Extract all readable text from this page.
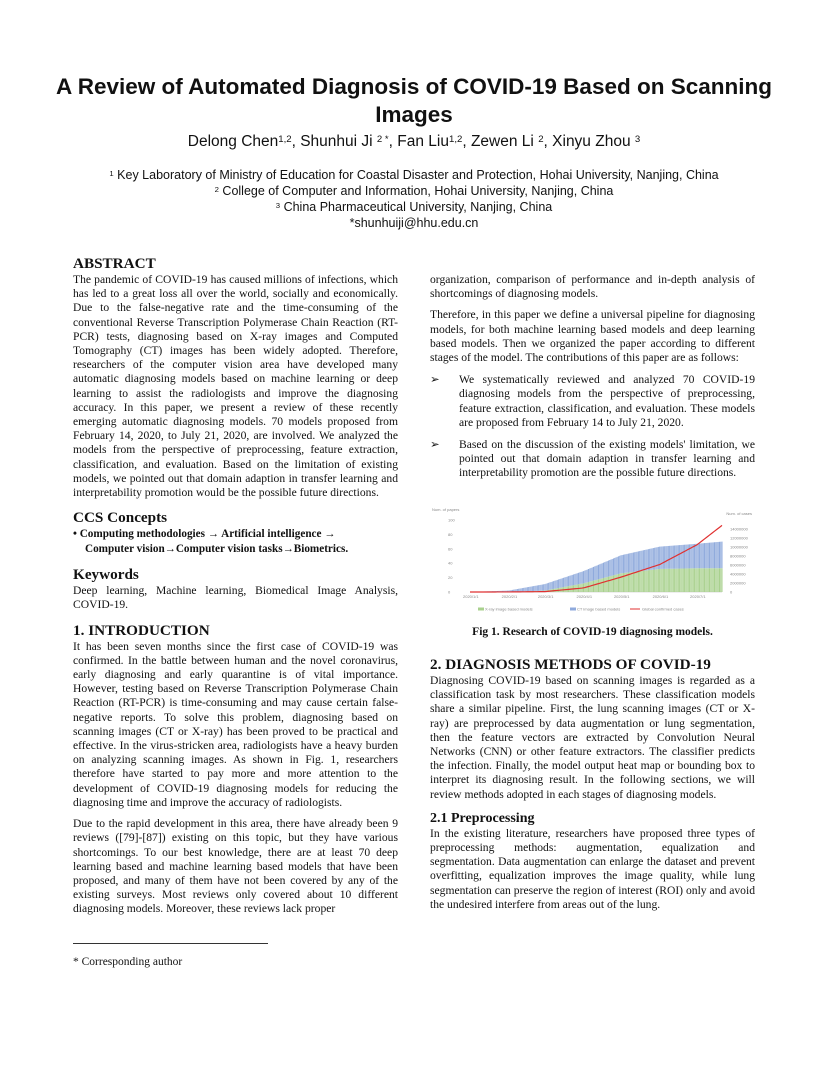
A Review of Automated Diagnosis of COVID-19 Based on Scanning Images
Delong Chen$^{1,2}$, Shunhui Ji $^{2 *}$, Fan Liu$^{1,2}$, Zewen Li $^2$, Xinyu Zhou $^3$
$^1$ Key Laboratory of Ministry of Education for Coastal Disaster and Protection, Hohai University, Nanjing, China
$^2$ College of Computer and Information, Hohai University, Nanjing, China
$^3$ China Pharmaceutical University, Nanjing, China
*shunhuiji@hhu.edu.cn
ABSTRACT

The pandemic of COVID-19 has caused millions of infections, which has led to a great loss all over the world, socially and economically. Due to the false-negative rate and the time-consuming of the conventional Reverse Transcription Polymerase Chain Reaction (RT-PCR) tests, diagnosing based on X-ray images and Computed Tomography (CT) images has been widely adopted. Therefore, researchers of the computer vision area have developed many automatic diagnosing models based on machine learning or deep learning to assist the radiologists and improve the diagnosing accuracy. In this paper, we present a review of these recently emerging automatic diagnosing models. 70 models proposed from February 14, 2020, to July 21, 2020, are involved. We analyzed the models from the perspective of preprocessing, feature extraction, classification, and evaluation. Based on the limitation of existing models, we pointed out that domain adaption in transfer learning and interpretability promotion would be the possible future directions.

CCS Concepts
• Computing methodologies → Artificial intelligence →
Computer vision→Computer vision tasks→Biometrics.
Keywords

Deep learning, Machine learning, Biomedical Image Analysis, COVID-19.

1. INTRODUCTION

It has been seven months since the first case of COVID-19 was confirmed. In the battle between human and the novel coronavirus, early diagnosing and early quarantine is of vital importance. However, testing based on Reverse Transcription Polymerase Chain Reaction (RT-PCR) is time-consuming and may cause certain false-negative reports. To solve this problem, diagnosing based on scanning images (CT or X-ray) has been proved to be practical and effective. In the virus-stricken area, radiologists have a heavy burden on analyzing scanning images. As shown in Fig. 1, researchers therefore have started to pay more and more attention to the development of COVID-19 diagnosing models for reducing the diagnosing time and improve the accuracy of radiologists.

Due to the rapid development in this area, there have already been 9 reviews ([79]-[87]) existing on this topic, but they have various shortcomings. To our best knowledge, there are at least 70 deep learning based and machine learning based models that have been proposed, and many of them have not been covered by any of the existing surveys. Most reviews only covered about 10 different diagnosing models. Moreover, these reviews lack proper

* Corresponding author

organization, comparison of performance and in-depth analysis of shortcomings of diagnosing models.

Therefore, in this paper we define a universal pipeline for diagnosing models, for both machine learning based models and deep learning based models. Then we organized the paper according to different stages of the model. The contributions of this paper are as follows:

➢ We systematically reviewed and analyzed 70 COVID-19 diagnosing models from the perspective of preprocessing, feature extraction, classification, and evaluation. These models are proposed from February 14 to July 21, 2020.

➢ Based on the discussion of the existing models' limitation, we pointed out that domain adaption in transfer learning and interpretability promotion are the possible future directions.

Num. of papers
Num. of cases
0
20
40
60
80
100
0
2000000
4000000
6000000
8000000
10000000
12000000
14000000
2020/1/1	2020/2/1	2020/3/1	2020/4/1	2020/5/1	2020/6/1	2020/7/1
X-ray image based models	CT image based models	Global confirmed cases
Fig 1. Research of COVID-19 diagnosing models.
2. DIAGNOSIS METHODS OF COVID-19

Diagnosing COVID-19 based on scanning images is regarded as a classification task by most researchers. These classification models share a similar pipeline. First, the lung scanning images (CT or X-ray) are preprocessed by data augmentation or lung segmentation, then the feature vectors are extracted by Convolution Neural Networks (CNN) or other feature extractors. The classifier predicts the infection. Finally, the model output heat map or bounding box to interpret its diagnosing result. In the following sections, we will review methods adopted in each stages of diagnosing models.

2.1 Preprocessing

In the existing literature, researchers have proposed three types of preprocessing methods: augmentation, equalization and segmentation. Data augmentation can enlarge the dataset and prevent overfitting, equalization improves the image quality, while lung segmentation can preserve the region of interest (ROI) only and avoid the undesired interfere from areas out of the lung.
